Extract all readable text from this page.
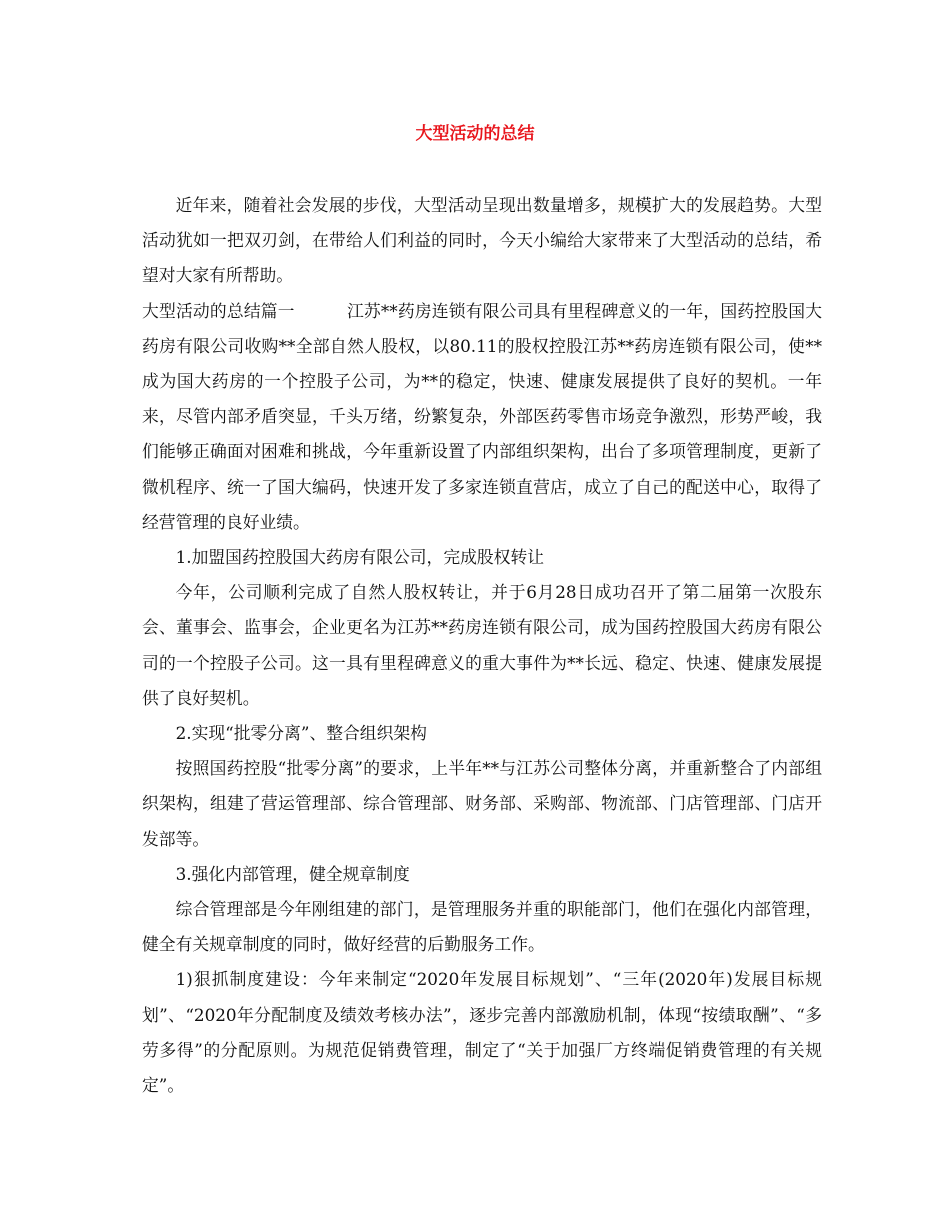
大型活动的总结

近年来，随着社会发展的步伐，大型活动呈现出数量增多，规模扩大的发展趋势。大型活动犹如一把双刃剑，在带给人们利益的同时，今天小编给大家带来了大型活动的总结，希望对大家有所帮助。

大型活动的总结篇一	江苏**药房连锁有限公司具有里程碑意义的一年，国药控股国大药房有限公司收购**全部自然人股权，以80.11的股权控股江苏**药房连锁有限公司，使**成为国大药房的一个控股子公司，为**的稳定，快速、健康发展提供了良好的契机。一年来，尽管内部矛盾突显，千头万绪，纷繁复杂，外部医药零售市场竞争激烈，形势严峻，我们能够正确面对困难和挑战，今年重新设置了内部组织架构，出台了多项管理制度，更新了微机程序、统一了国大编码，快速开发了多家连锁直营店，成立了自己的配送中心，取得了经营管理的良好业绩。

1.加盟国药控股国大药房有限公司，完成股权转让

今年，公司顺利完成了自然人股权转让，并于6月28日成功召开了第二届第一次股东会、董事会、监事会，企业更名为江苏**药房连锁有限公司，成为国药控股国大药房有限公司的一个控股子公司。这一具有里程碑意义的重大事件为**长远、稳定、快速、健康发展提供了良好契机。

2.实现“批零分离”、整合组织架构

按照国药控股“批零分离”的要求，上半年**与江苏公司整体分离，并重新整合了内部组织架构，组建了营运管理部、综合管理部、财务部、采购部、物流部、门店管理部、门店开发部等。

3.强化内部管理，健全规章制度

综合管理部是今年刚组建的部门，是管理服务并重的职能部门，他们在强化内部管理，健全有关规章制度的同时，做好经营的后勤服务工作。

1)狠抓制度建设：今年来制定“2020年发展目标规划”、“三年(2020年)发展目标规划”、“2020年分配制度及绩效考核办法”，逐步完善内部激励机制，体现“按绩取酬”、“多劳多得”的分配原则。为规范促销费管理，制定了“关于加强厂方终端促销费管理的有关规定”。
